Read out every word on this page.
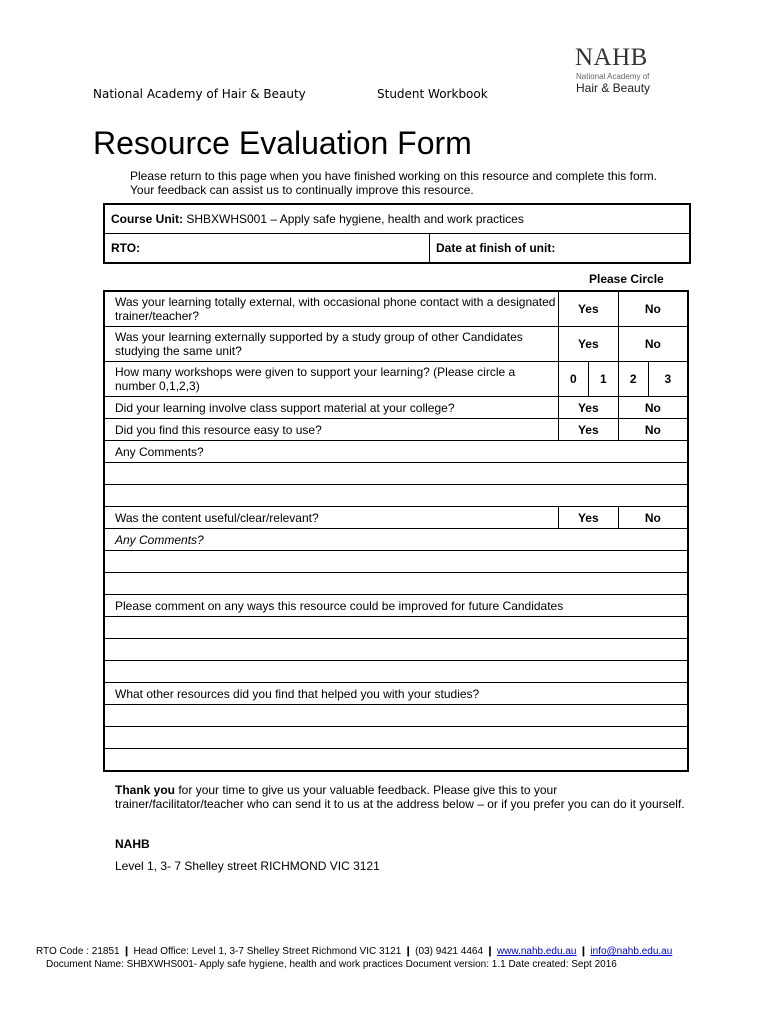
National Academy of Hair & Beauty	Student Workbook
NAHB
National Academy of
Hair & Beauty
Resource Evaluation Form
Please return to this page when you have finished working on this resource and complete this form. Your feedback can assist us to continually improve this resource.
Course Unit: SHBXWHS001 – Apply safe hygiene, health and work practices
RTO:	Date at finish of unit:
Please Circle
Was your learning totally external, with occasional phone contact with a designated trainer/teacher?	Yes		No	
Was your learning externally supported by a study group of other Candidates studying the same unit?	Yes		No	
How many workshops were given to support your learning? (Please circle a number 0,1,2,3)	0	1	2	3
Did your learning involve class support material at your college?	Yes		No	
Did you find this resource easy to use?	Yes		No	
Any Comments?				

Was the content useful/clear/relevant?	Yes		No	
Any Comments?				

Please comment on any ways this resource could be improved for future Candidates				

What other resources did you find that helped you with your studies?				

Thank you for your time to give us your valuable feedback. Please give this to your trainer/facilitator/teacher who can send it to us at the address below – or if you prefer you can do it yourself.
NAHB
Level 1, 3- 7 Shelley street RICHMOND VIC 3121
RTO Code : 21851 ❙ Head Office: Level 1, 3-7 Shelley Street Richmond VIC 3121 ❙ (03) 9421 4464 ❙ www.nahb.edu.au ❙ info@nahb.edu.au
Document Name: SHBXWHS001- Apply safe hygiene, health and work practices Document version: 1.1 Date created: Sept 2016
